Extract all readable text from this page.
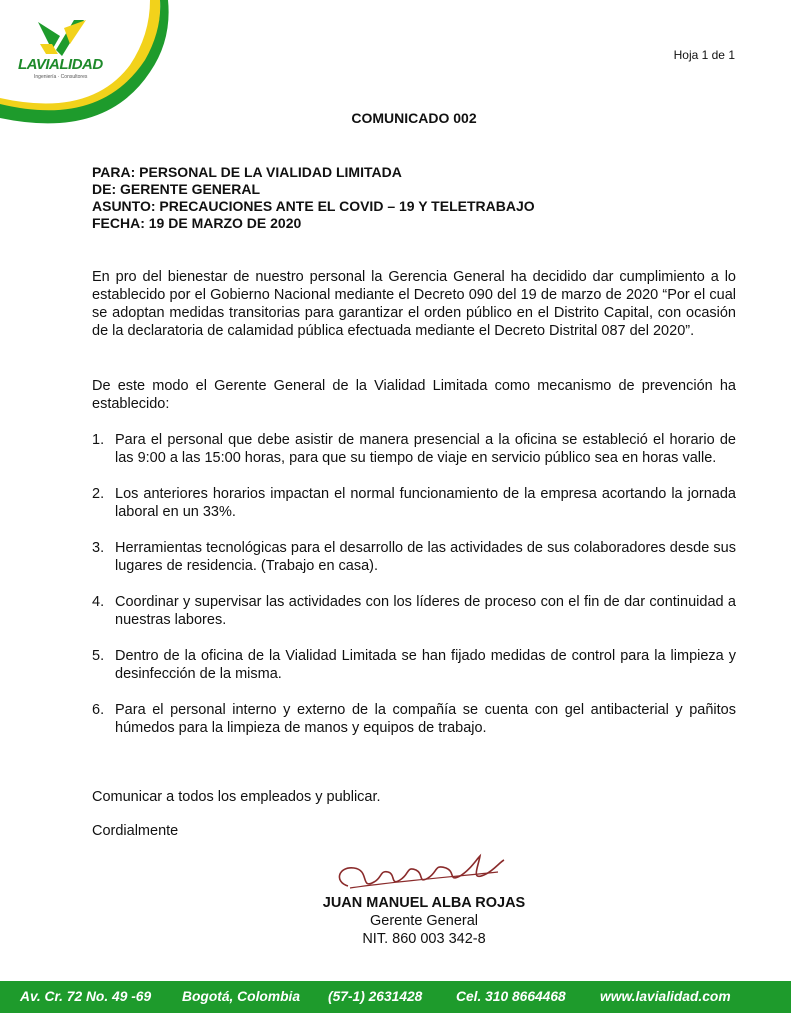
LAVIALIDAD
Ingeniería · Consultores
Hoja 1 de 1
COMUNICADO 002
PARA: PERSONAL DE LA VIALIDAD LIMITADA
DE: GERENTE GENERAL
ASUNTO: PRECAUCIONES ANTE EL COVID – 19 Y TELETRABAJO
FECHA: 19 DE MARZO DE 2020
En pro del bienestar de nuestro personal la Gerencia General ha decidido dar cumplimiento a lo establecido por el Gobierno Nacional mediante el Decreto 090 del 19 de marzo de 2020 “Por el cual se adoptan medidas transitorias para garantizar el orden público en el Distrito Capital, con ocasión de la declaratoria de calamidad pública efectuada mediante el Decreto Distrital 087 del 2020”.
De este modo el Gerente General de la Vialidad Limitada como mecanismo de prevención ha establecido:
1. Para el personal que debe asistir de manera presencial a la oficina se estableció el horario de las 9:00 a las 15:00 horas, para que su tiempo de viaje en servicio público sea en horas valle.
2. Los anteriores horarios impactan el normal funcionamiento de la empresa acortando la jornada laboral en un 33%.
3. Herramientas tecnológicas para el desarrollo de las actividades de sus colaboradores desde sus lugares de residencia. (Trabajo en casa).
4. Coordinar y supervisar las actividades con los líderes de proceso con el fin de dar continuidad a nuestras labores.
5. Dentro de la oficina de la Vialidad Limitada se han fijado medidas de control para la limpieza y desinfección de la misma.
6. Para el personal interno y externo de la compañía se cuenta con gel antibacterial y pañitos húmedos para la limpieza de manos y equipos de trabajo.
Comunicar a todos los empleados y publicar.
Cordialmente
JUAN MANUEL ALBA ROJAS
Gerente General
NIT. 860 003 342-8
Av. Cr. 72 No. 49 -69 Bogotá, Colombia (57-1) 2631428 Cel. 310 8664468 www.lavialidad.com
